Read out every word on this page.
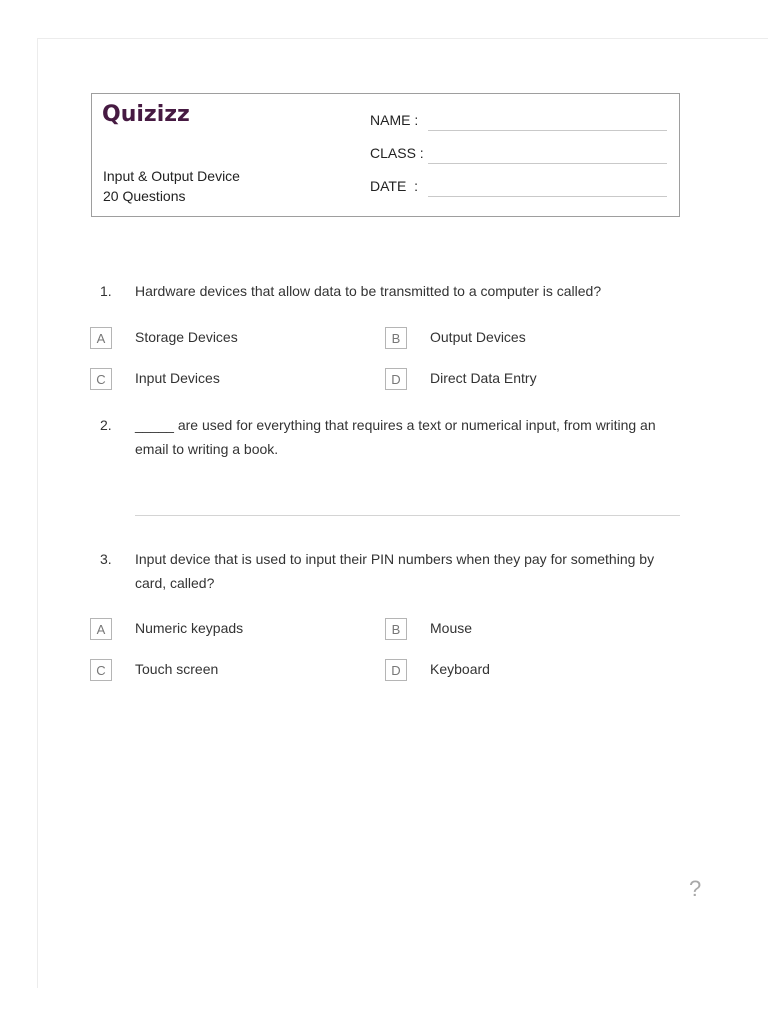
Quizizz
Input & Output Device
20 Questions
NAME :
CLASS :
DATE  :
1. Hardware devices that allow data to be transmitted to a computer is called?
A	Storage Devices	B	Output Devices
C	Input Devices	D	Direct Data Entry
2. _____ are used for everything that requires a text or numerical input, from writing an email to writing a book.
3. Input device that is used to input their PIN numbers when they pay for something by card, called?
A	Numeric keypads	B	Mouse
C	Touch screen	D	Keyboard
?
